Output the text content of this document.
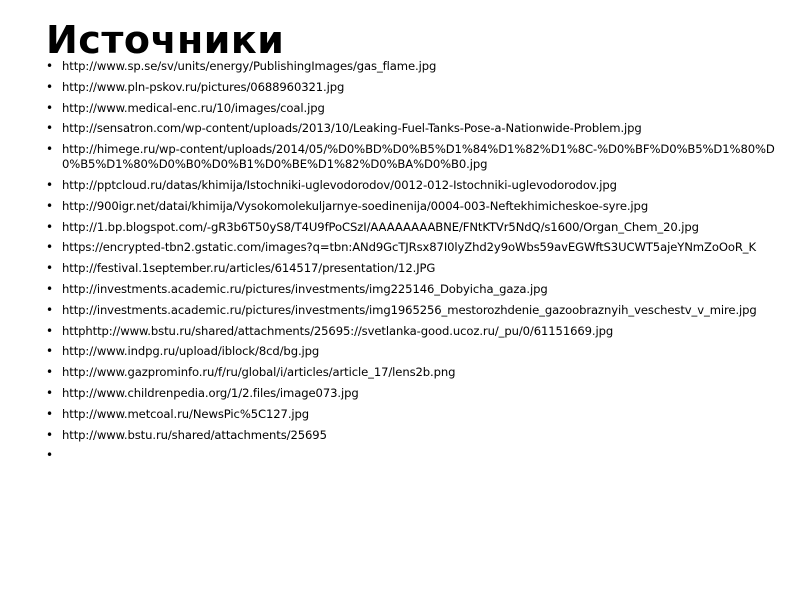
Источники
• http://www.sp.se/sv/units/energy/PublishingImages/gas_flame.jpg
• http://www.pln-pskov.ru/pictures/0688960321.jpg
• http://www.medical-enc.ru/10/images/coal.jpg
• http://sensatron.com/wp-content/uploads/2013/10/Leaking-Fuel-Tanks-Pose-a-Nationwide-Problem.jpg
• http://himege.ru/wp-content/uploads/2014/05/%D0%BD%D0%B5%D1%84%D1%82%D1%8C-%D0%BF%D0%B5%D1%80%D0%B5%D1%80%D0%B0%D0%B1%D0%BE%D1%82%D0%BA%D0%B0.jpg
• http://pptcloud.ru/datas/khimija/Istochniki-uglevodorodov/0012-012-Istochniki-uglevodorodov.jpg
• http://900igr.net/datai/khimija/Vysokomolekuljarnye-soedinenija/0004-003-Neftekhimicheskoe-syre.jpg
• http://1.bp.blogspot.com/-gR3b6T50yS8/T4U9fPoCSzI/AAAAAAAABNE/FNtKTVr5NdQ/s1600/Organ_Chem_20.jpg
• https://encrypted-tbn2.gstatic.com/images?q=tbn:ANd9GcTJRsx87I0lyZhd2y9oWbs59avEGWftS3UCWT5ajeYNmZoOoR_K
• http://festival.1september.ru/articles/614517/presentation/12.JPG
• http://investments.academic.ru/pictures/investments/img225146_Dobyicha_gaza.jpg
• http://investments.academic.ru/pictures/investments/img1965256_mestorozhdenie_gazoobraznyih_veschestv_v_mire.jpg
• httphttp://www.bstu.ru/shared/attachments/25695://svetlanka-good.ucoz.ru/_pu/0/61151669.jpg
• http://www.indpg.ru/upload/iblock/8cd/bg.jpg
• http://www.gazprominfo.ru/f/ru/global/i/articles/article_17/lens2b.png
• http://www.childrenpedia.org/1/2.files/image073.jpg
• http://www.metcoal.ru/NewsPic%5C127.jpg
• http://www.bstu.ru/shared/attachments/25695
•
